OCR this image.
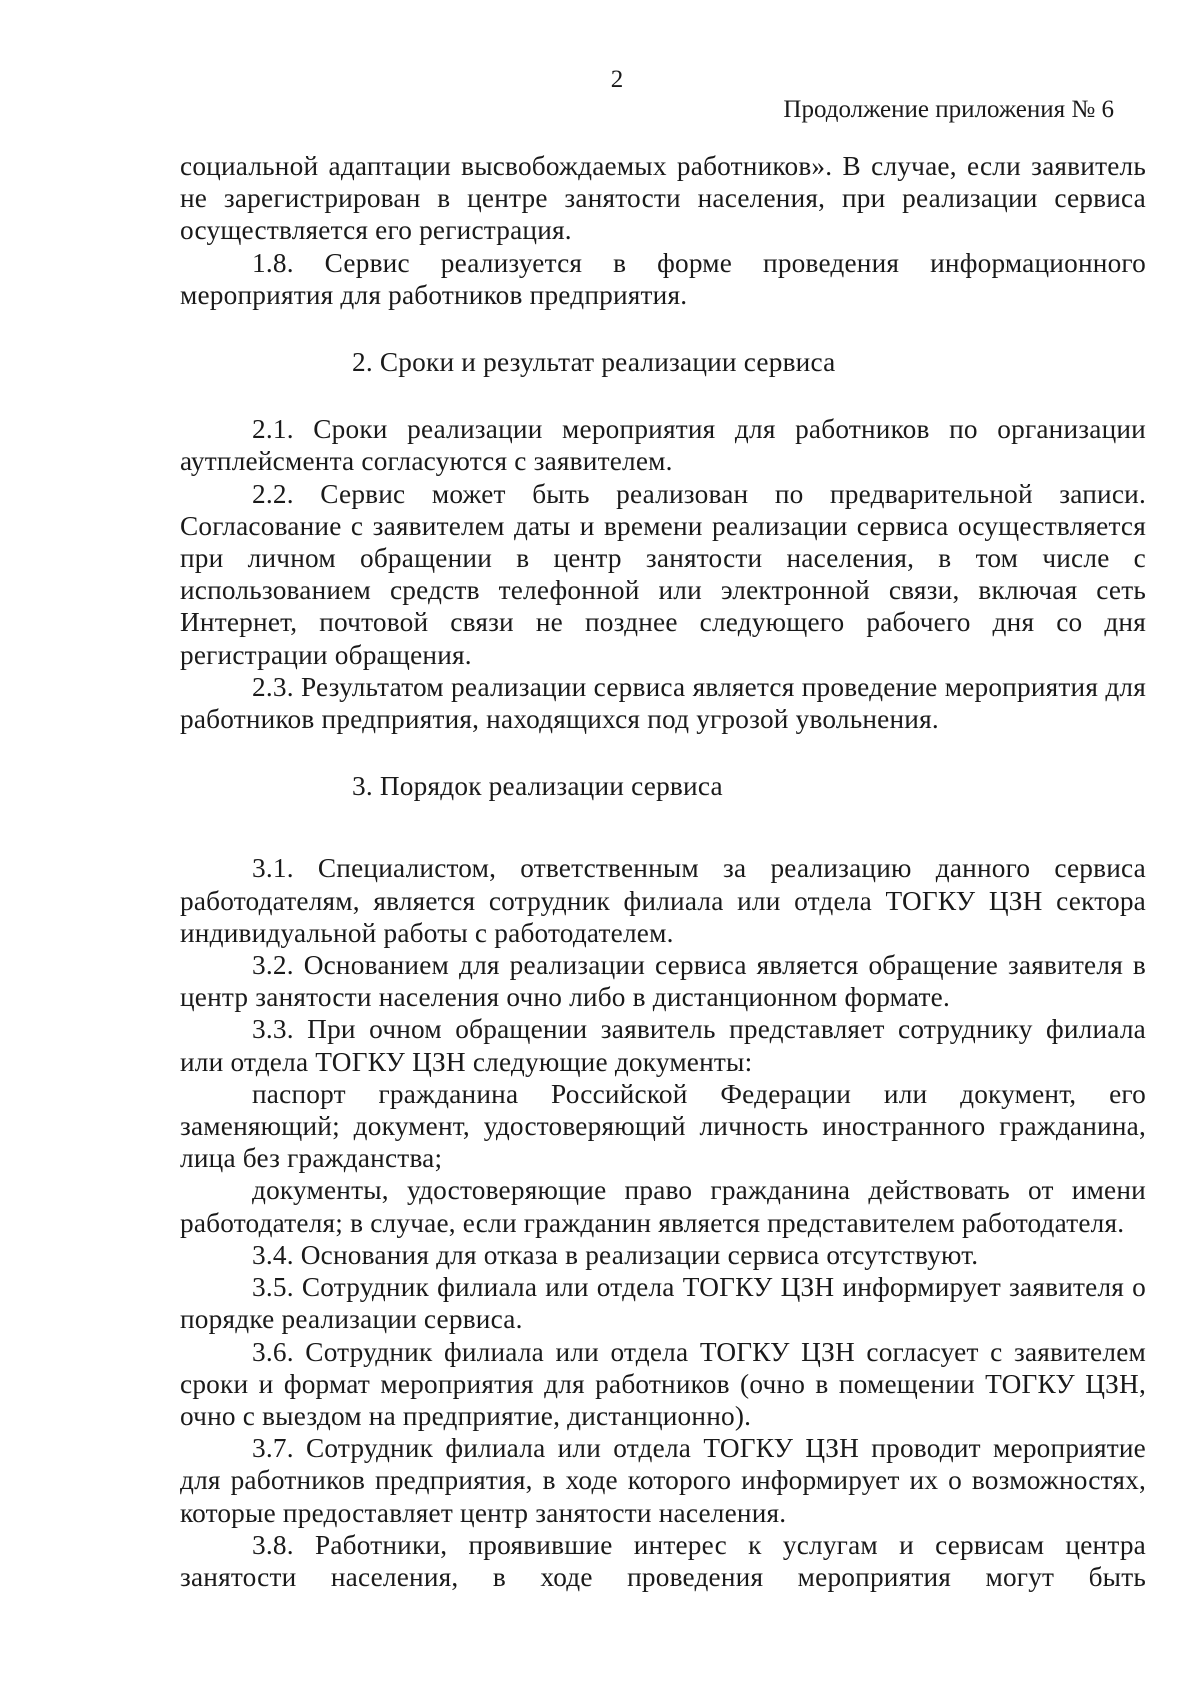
2
Продолжение приложения № 6

социальной адаптации высвобождаемых работников». В случае, если заявитель не зарегистрирован в центре занятости населения, при реализации сервиса осуществляется его регистрация.

1.8. Сервис реализуется в форме проведения информационного мероприятия для работников предприятия.

2. Сроки и результат реализации сервиса

2.1. Сроки реализации мероприятия для работников по организации аутплейсмента согласуются с заявителем.

2.2. Сервис может быть реализован по предварительной записи. Согласование с заявителем даты и времени реализации сервиса осуществляется при личном обращении в центр занятости населения, в том числе с использованием средств телефонной или электронной связи, включая сеть Интернет, почтовой связи не позднее следующего рабочего дня со дня регистрации обращения.

2.3. Результатом реализации сервиса является проведение мероприятия для работников предприятия, находящихся под угрозой увольнения.

3. Порядок реализации сервиса

3.1. Специалистом, ответственным за реализацию данного сервиса работодателям, является сотрудник филиала или отдела ТОГКУ ЦЗН сектора индивидуальной работы с работодателем.

3.2. Основанием для реализации сервиса является обращение заявителя в центр занятости населения очно либо в дистанционном формате.

3.3. При очном обращении заявитель представляет сотруднику филиала или отдела ТОГКУ ЦЗН следующие документы:

паспорт гражданина Российской Федерации или документ, его заменяющий; документ, удостоверяющий личность иностранного гражданина, лица без гражданства;

документы, удостоверяющие право гражданина действовать от имени работодателя; в случае, если гражданин является представителем работодателя.

3.4. Основания для отказа в реализации сервиса отсутствуют.

3.5. Сотрудник филиала или отдела ТОГКУ ЦЗН информирует заявителя о порядке реализации сервиса.

3.6. Сотрудник филиала или отдела ТОГКУ ЦЗН согласует с заявителем сроки и формат мероприятия для работников (очно в помещении ТОГКУ ЦЗН, очно с выездом на предприятие, дистанционно).

3.7. Сотрудник филиала или отдела ТОГКУ ЦЗН проводит мероприятие для работников предприятия, в ходе которого информирует их о возможностях, которые предоставляет центр занятости населения.

3.8. Работники, проявившие интерес к услугам и сервисам центра занятости населения, в ходе проведения мероприятия могут быть
